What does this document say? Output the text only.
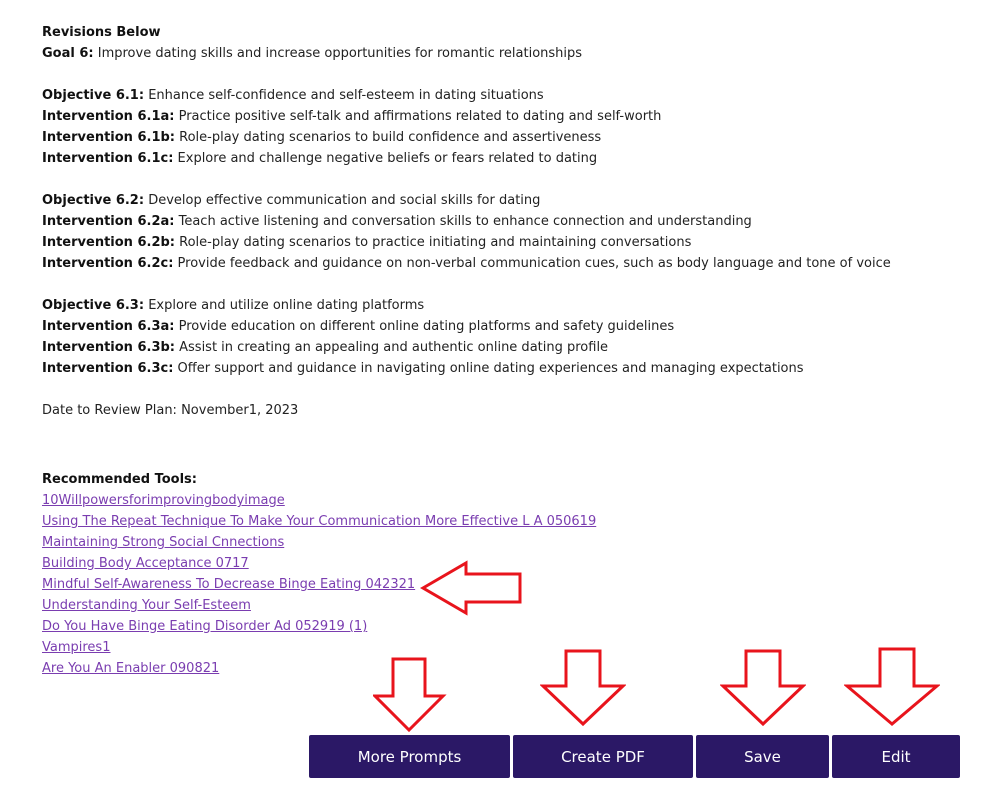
Revisions Below
Goal 6: Improve dating skills and increase opportunities for romantic relationships
Objective 6.1: Enhance self-confidence and self-esteem in dating situations
Intervention 6.1a: Practice positive self-talk and affirmations related to dating and self-worth
Intervention 6.1b: Role-play dating scenarios to build confidence and assertiveness
Intervention 6.1c: Explore and challenge negative beliefs or fears related to dating
Objective 6.2: Develop effective communication and social skills for dating
Intervention 6.2a: Teach active listening and conversation skills to enhance connection and understanding
Intervention 6.2b: Role-play dating scenarios to practice initiating and maintaining conversations
Intervention 6.2c: Provide feedback and guidance on non-verbal communication cues, such as body language and tone of voice
Objective 6.3: Explore and utilize online dating platforms
Intervention 6.3a: Provide education on different online dating platforms and safety guidelines
Intervention 6.3b: Assist in creating an appealing and authentic online dating profile
Intervention 6.3c: Offer support and guidance in navigating online dating experiences and managing expectations
Date to Review Plan: November1, 2023
Recommended Tools:
10Willpowersforimprovingbodyimage
Using The Repeat Technique To Make Your Communication More Effective L A 050619
Maintaining Strong Social Cnnections
Building Body Acceptance 0717
Mindful Self-Awareness To Decrease Binge Eating 042321
Understanding Your Self-Esteem
Do You Have Binge Eating Disorder Ad 052919 (1)
Vampires1
Are You An Enabler 090821
More Prompts	Create PDF	Save	Edit
